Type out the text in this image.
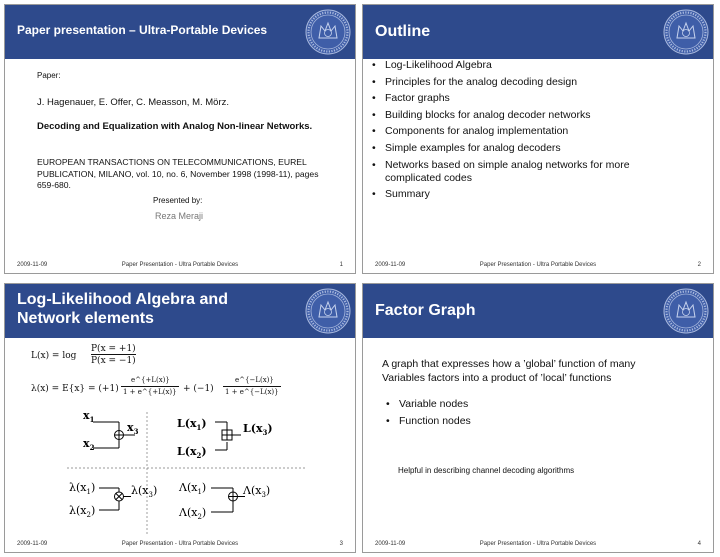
Paper presentation – Ultra-Portable Devices
Paper:
J. Hagenauer, E. Offer, C. Measson, M. Mörz.
Decoding and Equalization with Analog Non-linear Networks.
EUROPEAN TRANSACTIONS ON TELECOMMUNICATIONS, EUREL PUBLICATION, MILANO, vol. 10, no. 6, November 1998 (1998-11), pages 659-680.
Presented by:
Reza Meraji
2009-11-09	Paper Presentation - Ultra Portable Devices	1
Outline
• Log-Likelihood Algebra
• Principles for the analog decoding design
• Factor graphs
• Building blocks for analog decoder networks
• Components for analog implementation
• Simple examples for analog decoders
• Networks based on simple analog networks for more complicated codes
• Summary
2009-11-09	Paper Presentation - Ultra Portable Devices	2
Log-Likelihood Algebra and
Network elements
L(x) = log
P(x = +1)
P(x = −1)
λ(x) = E{x} = (+1)
e^{+L(x)}
1 + e^{+L(x)} + (−1)
e^{−L(x)}
1 + e^{−L(x)}
$x_1$
$x_2$
$x_3$
$L(x_1)$
$L(x_2)$
$L(x_3)$
$\lambda(x_1)$
$\lambda(x_2)$
$\lambda(x_3)$ $\Lambda(x_1)$
$\Lambda(x_2)$
$\Lambda(x_3)$
2009-11-09	Paper Presentation - Ultra Portable Devices	3
Factor Graph
A graph that expresses how a ’global’ function of many Variables factors into a product of ’local’ functions
• Variable nodes
• Function nodes
Helpful in describing channel decoding algorithms
2009-11-09	Paper Presentation - Ultra Portable Devices	4
